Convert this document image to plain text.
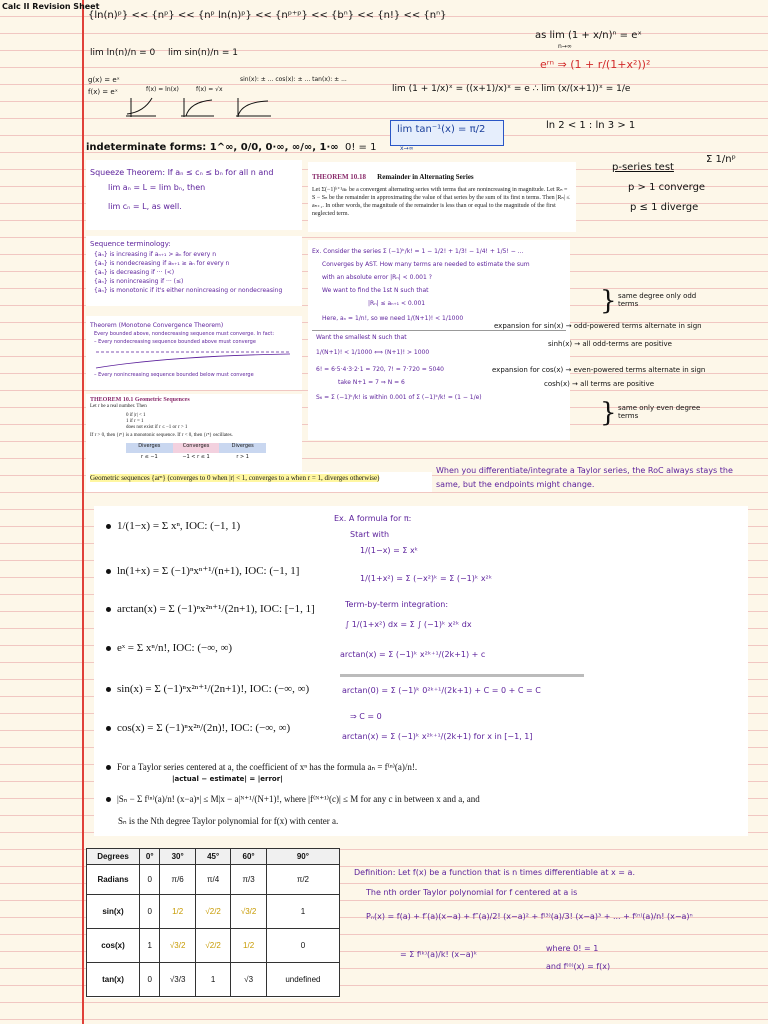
Calc II Revision Sheet
{ln(n)ᵖ} << {nᵖ} << {nᵖ ln(n)ᵖ} << {nᵖ⁺ᵖ} << {bⁿ} << {n!} << {nⁿ}
lim ln(n)/n = 0 lim sin(n)/n = 1
as lim (1 + x/n)ⁿ = eˣ
n→∞
eʳⁿ ⇒ (1 + r/(1+x²))²
g(x) = eˣ
f(x) = eˣ	f(x) = ln(x)	f(x) = √x
sin(x): ± ... cos(x): ± ... tan(x): ± ...
lim (1 + 1/x)ˣ = ((x+1)/x)ˣ = e ∴ lim (x/(x+1))ˣ = 1/e
indeterminate forms: 1^∞, 0/0, 0·∞, ∞/∞, 1·∞ 0! = 1
lim tan⁻¹(x) = π/2
x→∞
ln 2 < 1 : ln 3 > 1
Squeeze Theorem: If aₙ ≤ cₙ ≤ bₙ for all n and
lim aₙ = L = lim bₙ, then
lim cₙ = L, as well.
THEOREM 10.18 Remainder in Alternating Series
Let Σ(−1)ᵏ⁺¹aₖ be a convergent alternating series with terms that are nonincreasing in magnitude. Let Rₙ = S − Sₙ be the remainder in approximating the value of that series by the sum of its first n terms. Then |Rₙ| ≤ aₙ₊₁. In other words, the magnitude of the remainder is less than or equal to the magnitude of the first neglected term.
p-series test
Σ 1/nᵖ
p > 1 converge
p ≤ 1 diverge
Sequence terminology:
{aₙ} is increasing if aₙ₊₁ > aₙ for every n
{aₙ} is nondecreasing if aₙ₊₁ ≥ aₙ for every n
{aₙ} is decreasing if ··· (<)
{aₙ} is nonincreasing if ··· (≤)
{aₙ} is monotonic if it's either nonincreasing or nondecreasing
Ex. Consider the series Σ (−1)ᵏ/k! = 1 − 1/2! + 1/3! − 1/4! + 1/5! − ...
Converges by AST. How many terms are needed to estimate the sum
with an absolute error |Rₙ| < 0.001 ?
We want to find the 1st N such that
|Rₙ| ≤ aₙ₊₁ < 0.001
Here, aₙ = 1/n!, so we need 1/(N+1)! < 1/1000
Want the smallest N such that
1/(N+1)! < 1/1000 ⟺ (N+1)! > 1000
6! = 6·5·4·3·2·1 = 720, 7! = 7·720 = 5040
take N+1 = 7 ⇒ N = 6
S₆ = Σ (−1)ᵏ/k! is within 0.001 of Σ (−1)ᵏ/k! = (1 − 1/e)
} same degree only odd terms
expansion for sin(x) → odd-powered terms alternate in sign
sinh(x) → all odd-terms are positive
expansion for cos(x) → even-powered terms alternate in sign
cosh(x) → all terms are positive
} same only even degree terms
Theorem (Monotone Convergence Theorem)
Every bounded above, nondecreasing sequence must converge. In fact:
– Every nondecreasing sequence bounded above must converge
– Every nonincreasing sequence bounded below must converge
THEOREM 10.1 Geometric Sequences
Let r be a real number. Then
0 if |r| < 1
1 if r = 1
does not exist if r ≤ −1 or r > 1
If r > 0, then {rⁿ} is a monotonic sequence. If r < 0, then {rⁿ} oscillates.
Diverges	Converges	Diverges
r ≤ −1	−1 < r ≤ 1	r > 1
Geometric sequences {arⁿ} (converges to 0 when |r| < 1, converges to a when r = 1, diverges otherwise)
When you differentiate/integrate a Taylor series, the RoC always stays the same, but the endpoints might change.
1/(1−x) = Σ xⁿ, IOC: (−1, 1)
ln(1+x) = Σ (−1)ⁿxⁿ⁺¹/(n+1), IOC: (−1, 1]
arctan(x) = Σ (−1)ⁿx²ⁿ⁺¹/(2n+1), IOC: [−1, 1]
eˣ = Σ xⁿ/n!, IOC: (−∞, ∞)
sin(x) = Σ (−1)ⁿx²ⁿ⁺¹/(2n+1)!, IOC: (−∞, ∞)
cos(x) = Σ (−1)ⁿx²ⁿ/(2n)!, IOC: (−∞, ∞)
For a Taylor series centered at a, the coefficient of xⁿ has the formula aₙ = f⁽ⁿ⁾(a)/n!.
|actual − estimate| = |error|
|Sₙ − Σ f⁽ⁿ⁾(a)/n! (x−a)ⁿ| ≤ M|x − a|ᴺ⁺¹/(N+1)!, where |f⁽ᴺ⁺¹⁾(c)| ≤ M for any c in between x and a, and
Sₙ is the Nth degree Taylor polynomial for f(x) with center a.
Ex. A formula for π:
Start with
1/(1−x) = Σ xᵏ
1/(1+x²) = Σ (−x²)ᵏ = Σ (−1)ᵏ x²ᵏ
Term-by-term integration:
∫ 1/(1+x²) dx = Σ ∫ (−1)ᵏ x²ᵏ dx
arctan(x) = Σ (−1)ᵏ x²ᵏ⁺¹/(2k+1) + c
arctan(0) = Σ (−1)ᵏ 0²ᵏ⁺¹/(2k+1) + C = 0 + C = C
⇒ C = 0
arctan(x) = Σ (−1)ᵏ x²ᵏ⁺¹/(2k+1) for x in [−1, 1]
Degrees	0°	30°	45°	60°	90°
Radians	0	π/6	π/4	π/3	π/2
sin(x)	0	1/2	√2/2	√3/2	1
cos(x)	1	√3/2	√2/2	1/2	0
tan(x)	0	√3/3	1	√3	undefined
Definition: Let f(x) be a function that is n times differentiable at x = a.
The nth order Taylor polynomial for f centered at a is
Pₙ(x) = f(a) + f′(a)(x−a) + f″(a)/2! (x−a)² + f⁽³⁾(a)/3! (x−a)³ + ... + f⁽ⁿ⁾(a)/n! (x−a)ⁿ
= Σ f⁽ᵏ⁾(a)/k! (x−a)ᵏ
where 0! = 1
and f⁽⁰⁾(x) = f(x)
